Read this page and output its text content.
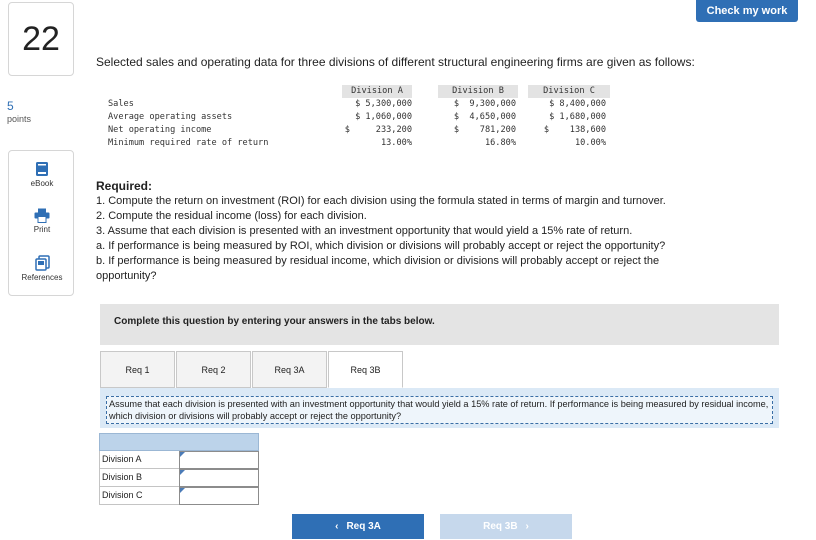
Check my work
22
5
points
eBook
Print
References
Selected sales and operating data for three divisions of different structural engineering firms are given as follows:
Division A	Division B	Division C
Sales	$ 5,300,000	$  9,300,000	$ 8,400,000
Average operating assets	$ 1,060,000	$  4,650,000	$ 1,680,000
Net operating income	$     233,200	$    781,200	$    138,600
Minimum required rate of return	13.00%	16.80%	10.00%
Required:
1. Compute the return on investment (ROI) for each division using the formula stated in terms of margin and turnover.
2. Compute the residual income (loss) for each division.
3. Assume that each division is presented with an investment opportunity that would yield a 15% rate of return.
a. If performance is being measured by ROI, which division or divisions will probably accept or reject the opportunity?
b. If performance is being measured by residual income, which division or divisions will probably accept or reject the
opportunity?
Complete this question by entering your answers in the tabs below.
Req 1	Req 2	Req 3A	Req 3B
Assume that each division is presented with an investment opportunity that would yield a 15% rate of return. If performance is being measured by residual income, which division or divisions will probably accept or reject the opportunity?
Division A
Division B
Division C
‹ Req 3A	Req 3B ›
